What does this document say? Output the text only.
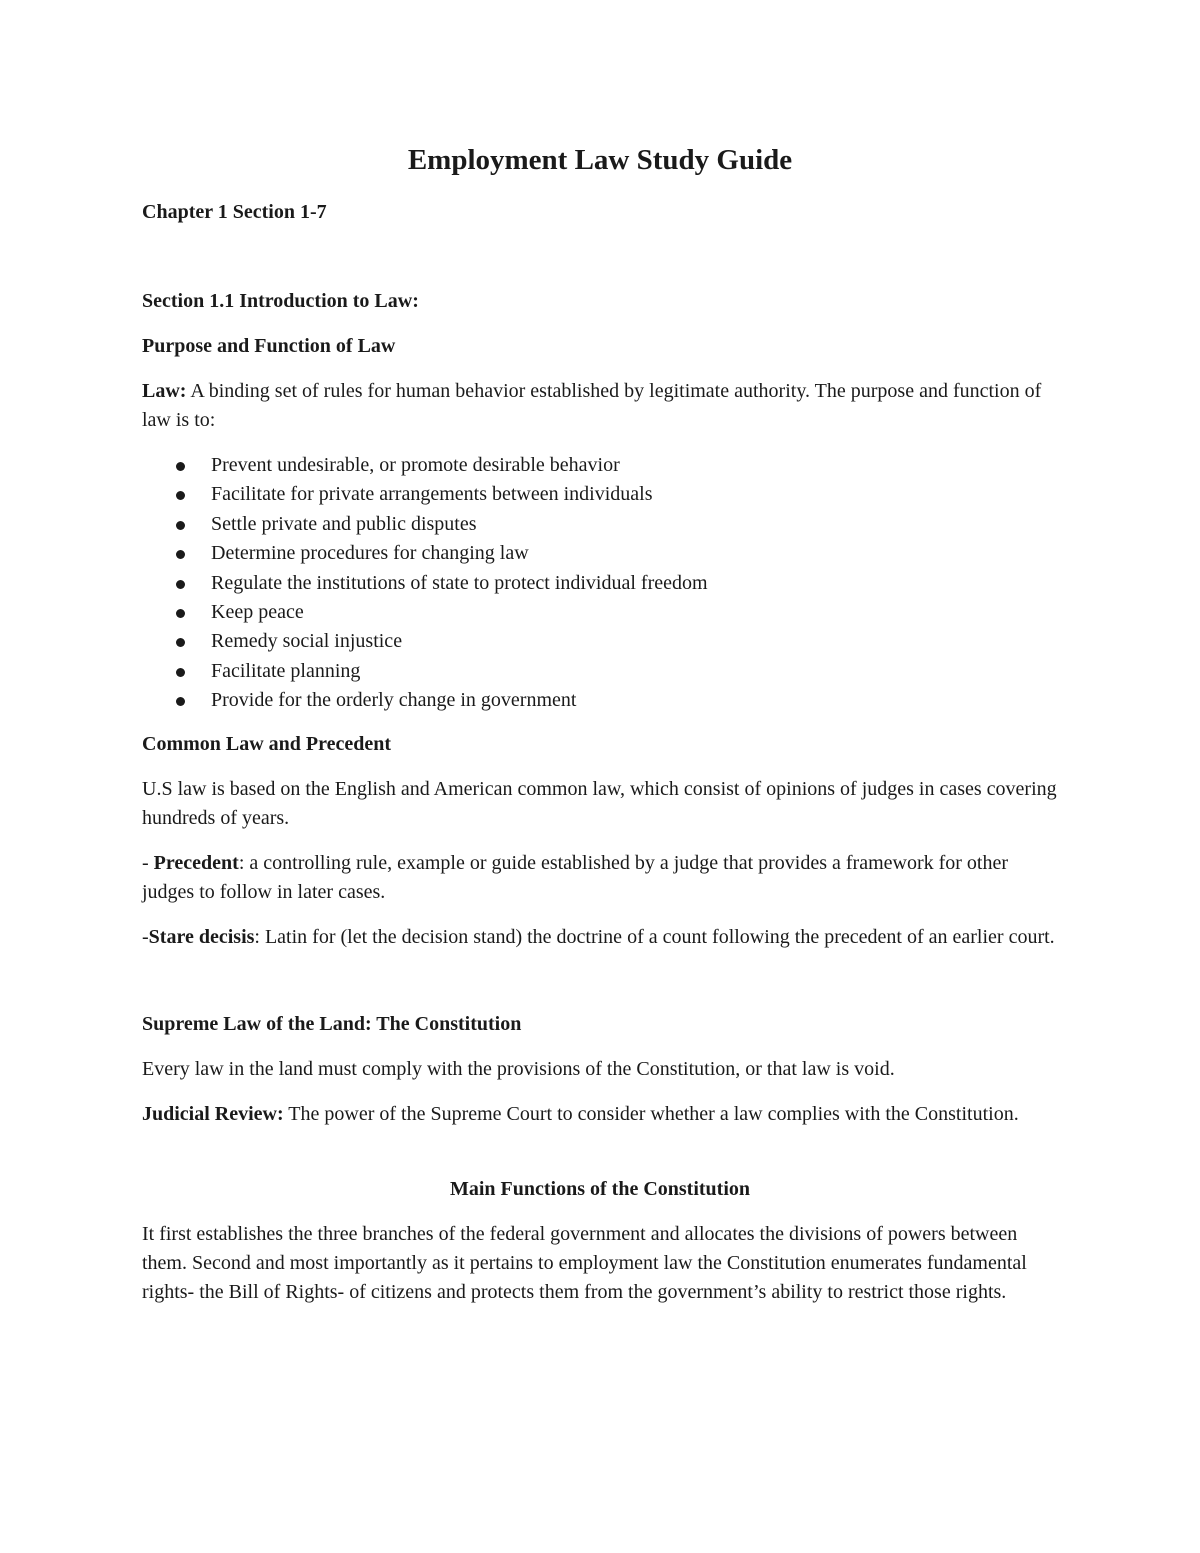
Employment Law Study Guide
Chapter 1 Section 1-7
Section 1.1 Introduction to Law:
Purpose and Function of Law
Law: A binding set of rules for human behavior established by legitimate authority. The purpose and function of law is to:
Prevent undesirable, or promote desirable behavior
Facilitate for private arrangements between individuals
Settle private and public disputes
Determine procedures for changing law
Regulate the institutions of state to protect individual freedom
Keep peace
Remedy social injustice
Facilitate planning
Provide for the orderly change in government
Common Law and Precedent
U.S law is based on the English and American common law, which consist of opinions of judges in cases covering hundreds of years.
- Precedent: a controlling rule, example or guide established by a judge that provides a framework for other judges to follow in later cases.
-Stare decisis: Latin for (let the decision stand) the doctrine of a count following the precedent of an earlier court.
Supreme Law of the Land: The Constitution
Every law in the land must comply with the provisions of the Constitution, or that law is void.
Judicial Review: The power of the Supreme Court to consider whether a law complies with the Constitution.
Main Functions of the Constitution
It first establishes the three branches of the federal government and allocates the divisions of powers between them. Second and most importantly as it pertains to employment law the Constitution enumerates fundamental rights- the Bill of Rights- of citizens and protects them from the government’s ability to restrict those rights.
